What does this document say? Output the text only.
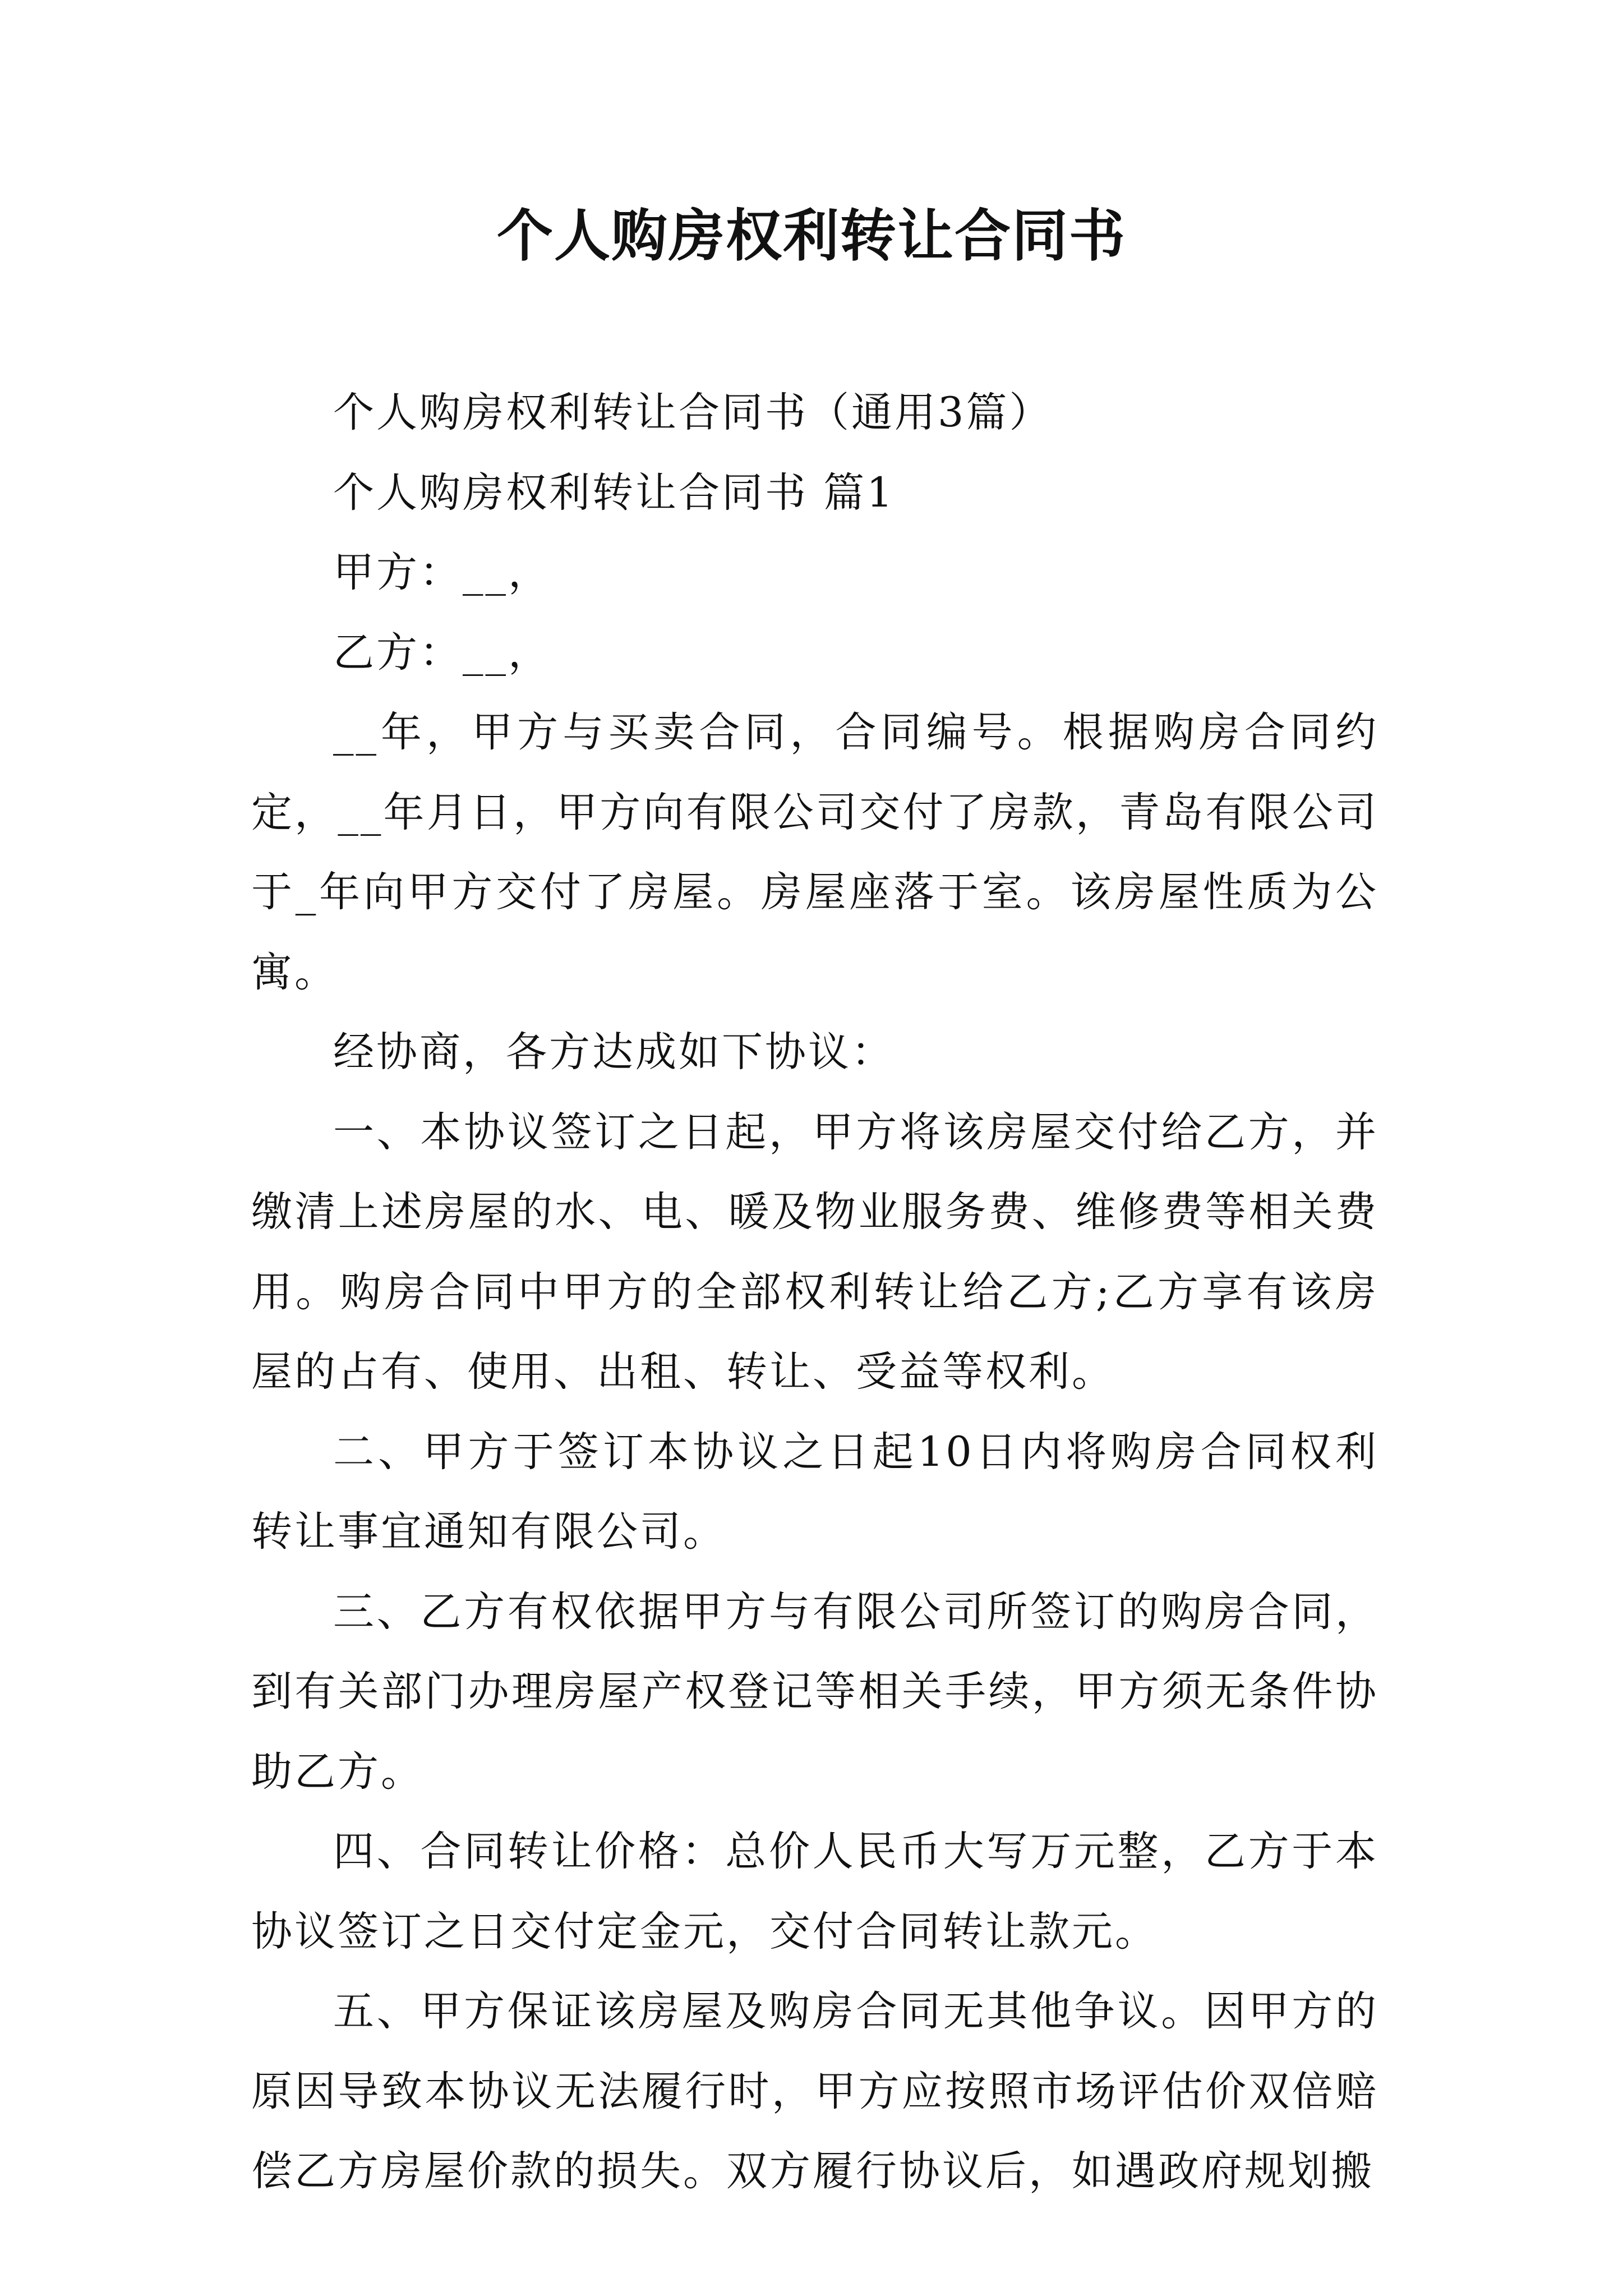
个人购房权利转让合同书

个人购房权利转让合同书（通用3篇）

个人购房权利转让合同书 篇1

甲方：__，

乙方：__，

__年，甲方与买卖合同，合同编号。根据购房合同约定，__年月日，甲方向有限公司交付了房款，青岛有限公司于_年向甲方交付了房屋。房屋座落于室。该房屋性质为公寓。

经协商，各方达成如下协议：

一、本协议签订之日起，甲方将该房屋交付给乙方，并缴清上述房屋的水、电、暖及物业服务费、维修费等相关费用。购房合同中甲方的全部权利转让给乙方;乙方享有该房屋的占有、使用、出租、转让、受益等权利。

二、甲方于签订本协议之日起10日内将购房合同权利转让事宜通知有限公司。

三、乙方有权依据甲方与有限公司所签订的购房合同，到有关部门办理房屋产权登记等相关手续，甲方须无条件协助乙方。

四、合同转让价格：总价人民币大写万元整，乙方于本协议签订之日交付定金元，交付合同转让款元。

五、甲方保证该房屋及购房合同无其他争议。因甲方的原因导致本协议无法履行时，甲方应按照市场评估价双倍赔偿乙方房屋价款的损失。双方履行协议后，如遇政府规划搬
